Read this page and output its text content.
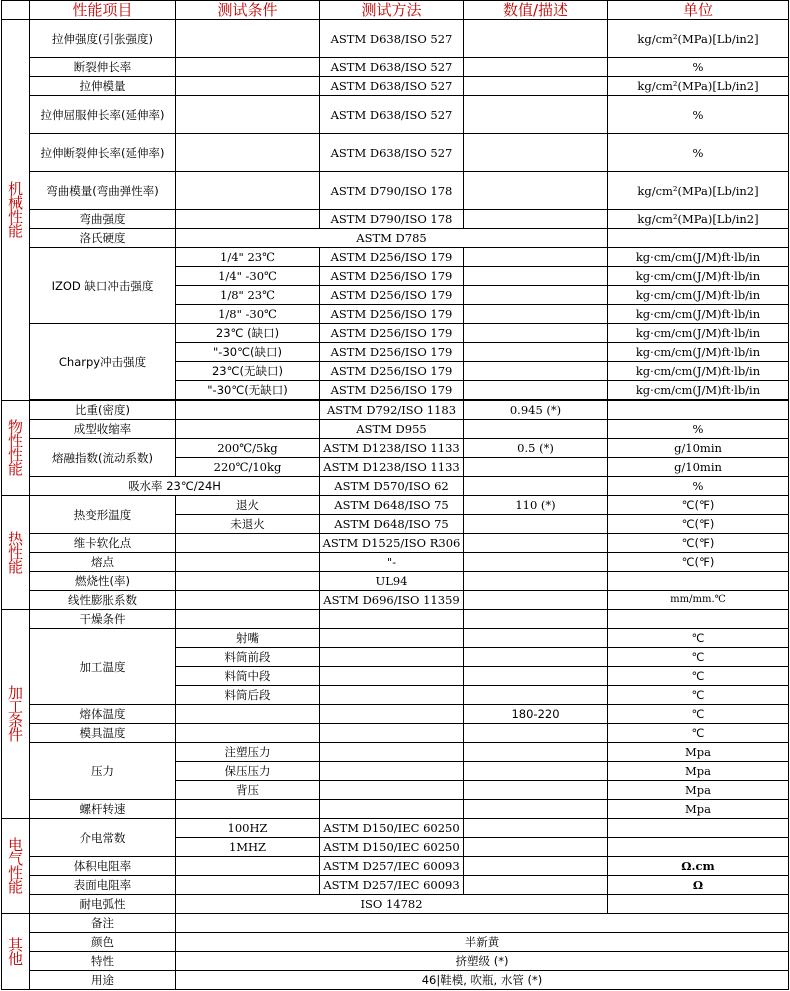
	性能项目	测试条件	测试方法	数值/描述	单位
机械性能	拉伸强度(引张强度)		ASTM D638/ISO 527		kg/cm²(MPa)[Lb/in2]
	断裂伸长率		ASTM D638/ISO 527		%
	拉伸模量		ASTM D638/ISO 527		kg/cm²(MPa)[Lb/in2]
	拉伸屈服伸长率(延伸率)		ASTM D638/ISO 527		%
	拉伸断裂伸长率(延伸率)		ASTM D638/ISO 527		%
	弯曲模量(弯曲弹性率)		ASTM D790/ISO 178		kg/cm²(MPa)[Lb/in2]
	弯曲强度		ASTM D790/ISO 178		kg/cm²(MPa)[Lb/in2]
	洛氏硬度	ASTM D785			
	IZOD 缺口冲击强度	1/4" 23℃	ASTM D256/ISO 179		kg·cm/cm(J/M)ft·lb/in
		1/4" -30℃	ASTM D256/ISO 179		kg·cm/cm(J/M)ft·lb/in
		1/8" 23℃	ASTM D256/ISO 179		kg·cm/cm(J/M)ft·lb/in
		1/8" -30℃	ASTM D256/ISO 179		kg·cm/cm(J/M)ft·lb/in
	Charpy冲击强度	23℃ (缺口)	ASTM D256/ISO 179		kg·cm/cm(J/M)ft·lb/in
		"-30℃(缺口)	ASTM D256/ISO 179		kg·cm/cm(J/M)ft·lb/in
		23℃(无缺口)	ASTM D256/ISO 179		kg·cm/cm(J/M)ft·lb/in
		"-30℃(无缺口)	ASTM D256/ISO 179		kg·cm/cm(J/M)ft·lb/in

物性性能	比重(密度)		ASTM D792/ISO 1183	0.945 (*)	
	成型收缩率		ASTM D955		%
	熔融指数(流动系数)	200℃/5kg	ASTM D1238/ISO 1133	0.5 (*)	g/10min
		220℃/10kg	ASTM D1238/ISO 1133		g/10min
	吸水率 23℃/24H		ASTM D570/ISO 62		%
热性能	热变形温度	退火	ASTM D648/ISO 75	110 (*)	℃(℉)
		未退火	ASTM D648/ISO 75		℃(℉)
	维卡软化点		ASTM D1525/ISO R306		℃(℉)
	熔点		"-		℃(℉)
	燃烧性(率)		UL94		
	线性膨胀系数		ASTM D696/ISO 11359		mm/mm.℃
加工条件	干燥条件				
	加工温度	射嘴			℃
		料筒前段			℃
		料筒中段			℃
		料筒后段			℃
	熔体温度			180-220	℃
	模具温度				℃
	压力	注塑压力			Mpa
		保压压力			Mpa
		背压			Mpa
	螺杆转速				Mpa
电气性能	介电常数	100HZ	ASTM D150/IEC 60250		
		1MHZ	ASTM D150/IEC 60250		
	体积电阻率		ASTM D257/IEC 60093		Ω.cm
	表面电阻率		ASTM D257/IEC 60093		Ω
	耐电弧性	ISO 14782			
其他	备注				
	颜色	半新黄			
	特性	挤塑级 (*)			
	用途	46|鞋模, 吹瓶, 水管 (*)			
